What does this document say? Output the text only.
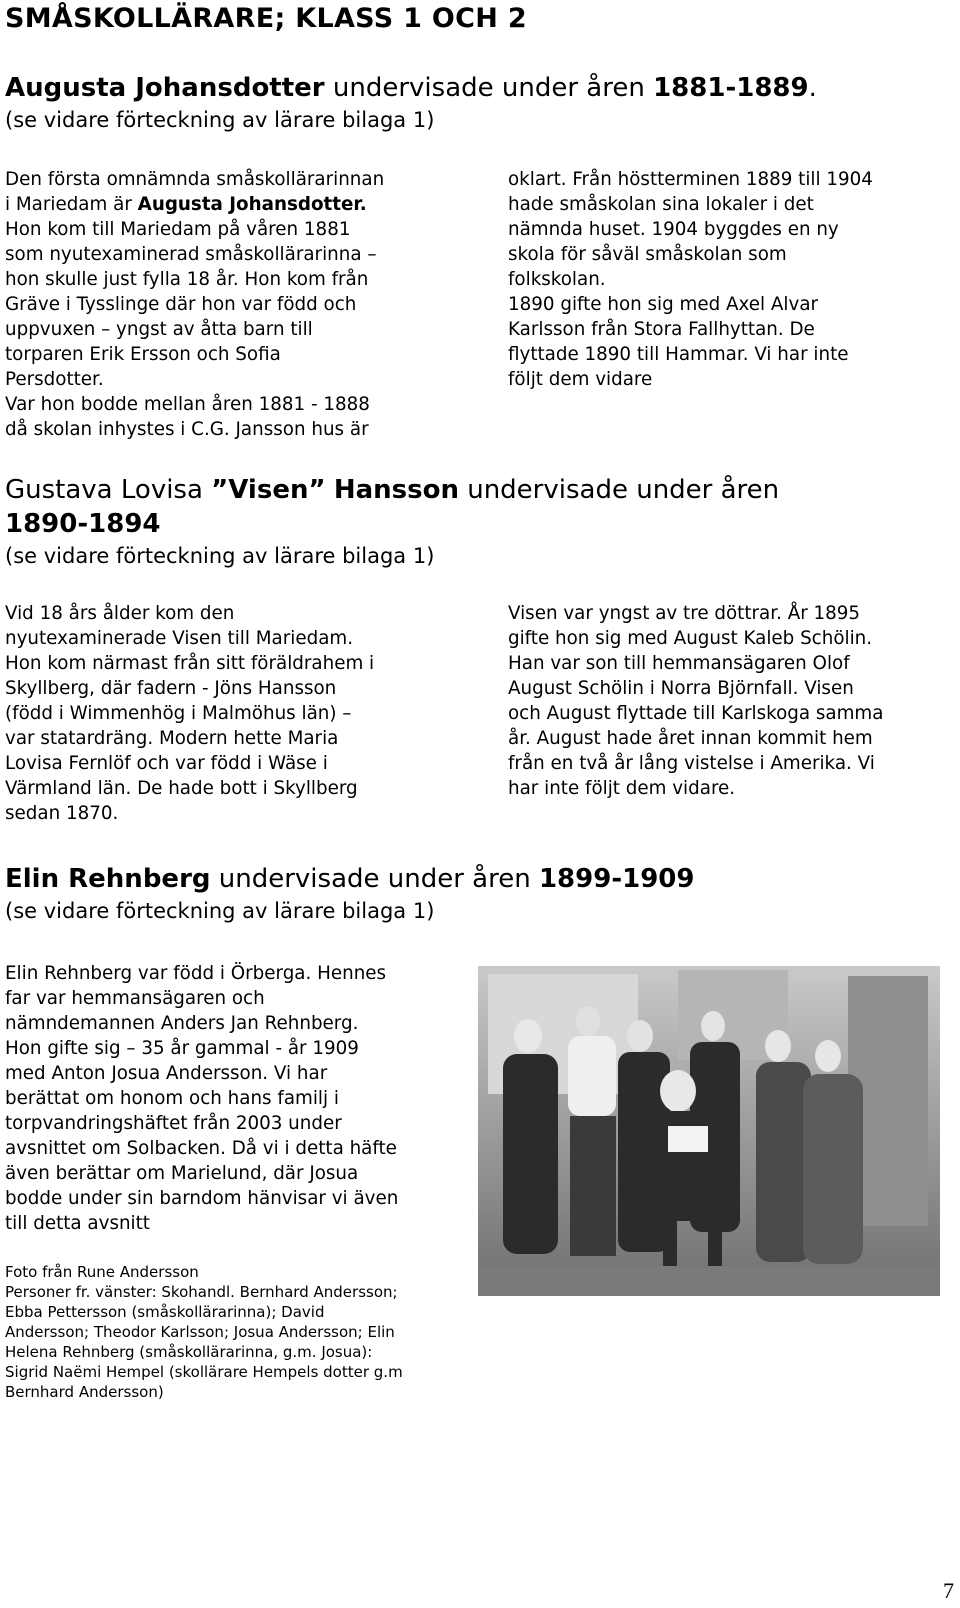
SMÅSKOLLÄRARE; KLASS 1 OCH 2
Augusta Johansdotter undervisade under åren 1881-1889.
(se vidare förteckning av lärare bilaga 1)
Den första omnämnda småskollärarinnan
i Mariedam är Augusta Johansdotter.
Hon kom till Mariedam på våren 1881
som nyutexaminerad småskollärarinna –
hon skulle just fylla 18 år. Hon kom från
Gräve i Tysslinge där hon var född och
uppvuxen – yngst av åtta barn till
torparen Erik Ersson och Sofia
Persdotter.
Var hon bodde mellan åren 1881 - 1888
då skolan inhystes i C.G. Jansson hus är
oklart. Från höstterminen 1889 till 1904
hade småskolan sina lokaler i det
nämnda huset. 1904 byggdes en ny
skola för såväl småskolan som
folkskolan.
1890 gifte hon sig med Axel Alvar
Karlsson från Stora Fallhyttan. De
flyttade 1890 till Hammar. Vi har inte
följt dem vidare
Gustava Lovisa ”Visen” Hansson undervisade under åren
1890-1894
(se vidare förteckning av lärare bilaga 1)
Vid 18 års ålder kom den
nyutexaminerade Visen till Mariedam.
Hon kom närmast från sitt föräldrahem i
Skyllberg, där fadern - Jöns Hansson
(född i Wimmenhög i Malmöhus län) –
var statardräng. Modern hette Maria
Lovisa Fernlöf och var född i Wäse i
Värmland län. De hade bott i Skyllberg
sedan 1870.
Visen var yngst av tre döttrar. År 1895
gifte hon sig med August Kaleb Schölin.
Han var son till hemmansägaren Olof
August Schölin i Norra Björnfall. Visen
och August flyttade till Karlskoga samma
år. August hade året innan kommit hem
från en två år lång vistelse i Amerika. Vi
har inte följt dem vidare.
Elin Rehnberg undervisade under åren 1899-1909
(se vidare förteckning av lärare bilaga 1)
Elin Rehnberg var född i Örberga. Hennes
far var hemmansägaren och
nämndemannen Anders Jan Rehnberg.
Hon gifte sig – 35 år gammal - år 1909
med Anton Josua Andersson. Vi har
berättat om honom och hans familj i
torpvandringshäftet från 2003 under
avsnittet om Solbacken. Då vi i detta häfte
även berättar om Marielund, där Josua
bodde under sin barndom hänvisar vi även
till detta avsnitt
Foto från Rune Andersson
Personer fr. vänster: Skohandl. Bernhard Andersson;
Ebba Pettersson (småskollärarinna); David
Andersson; Theodor Karlsson; Josua Andersson; Elin
Helena Rehnberg (småskollärarinna, g.m. Josua):
Sigrid Naëmi Hempel (skollärare Hempels dotter g.m
Bernhard Andersson)
7
